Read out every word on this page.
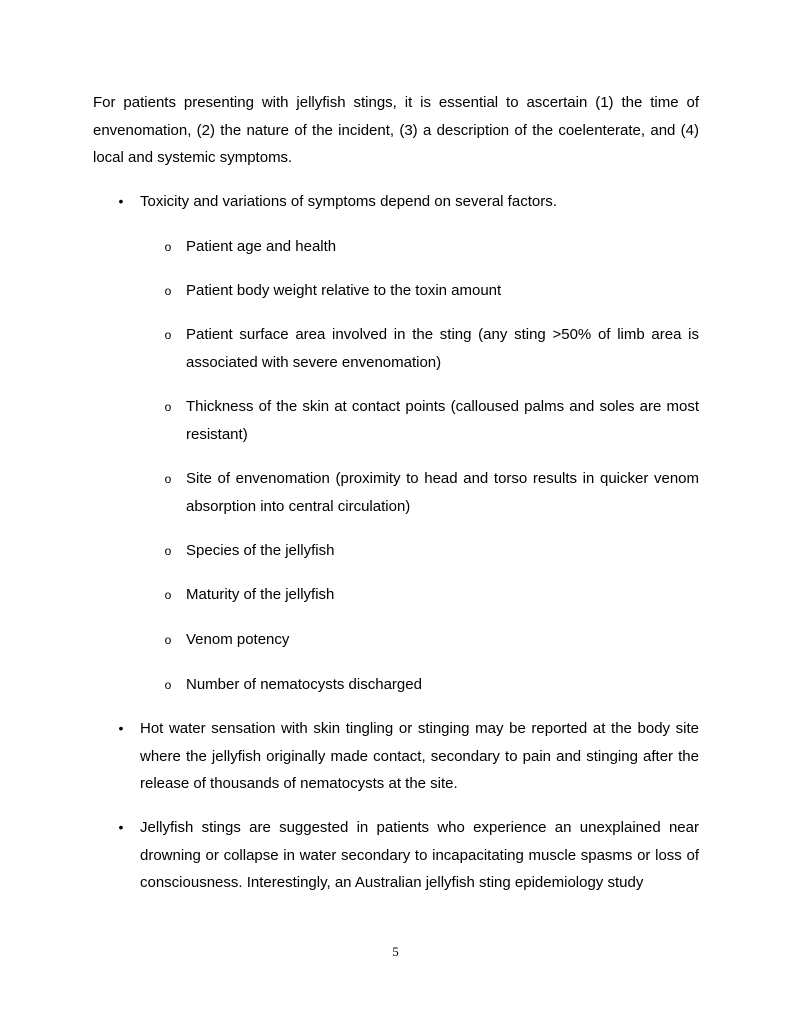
For patients presenting with jellyfish stings, it is essential to ascertain (1) the time of envenomation, (2) the nature of the incident, (3) a description of the coelenterate, and (4) local and systemic symptoms.

• Toxicity and variations of symptoms depend on several factors.

o Patient age and health

o Patient body weight relative to the toxin amount

o Patient surface area involved in the sting (any sting >50% of limb area is associated with severe envenomation)

o Thickness of the skin at contact points (calloused palms and soles are most resistant)

o Site of envenomation (proximity to head and torso results in quicker venom absorption into central circulation)

o Species of the jellyfish

o Maturity of the jellyfish

o Venom potency

o Number of nematocysts discharged

• Hot water sensation with skin tingling or stinging may be reported at the body site where the jellyfish originally made contact, secondary to pain and stinging after the release of thousands of nematocysts at the site.

• Jellyfish stings are suggested in patients who experience an unexplained near drowning or collapse in water secondary to incapacitating muscle spasms or loss of consciousness. Interestingly, an Australian jellyfish sting epidemiology study

5
